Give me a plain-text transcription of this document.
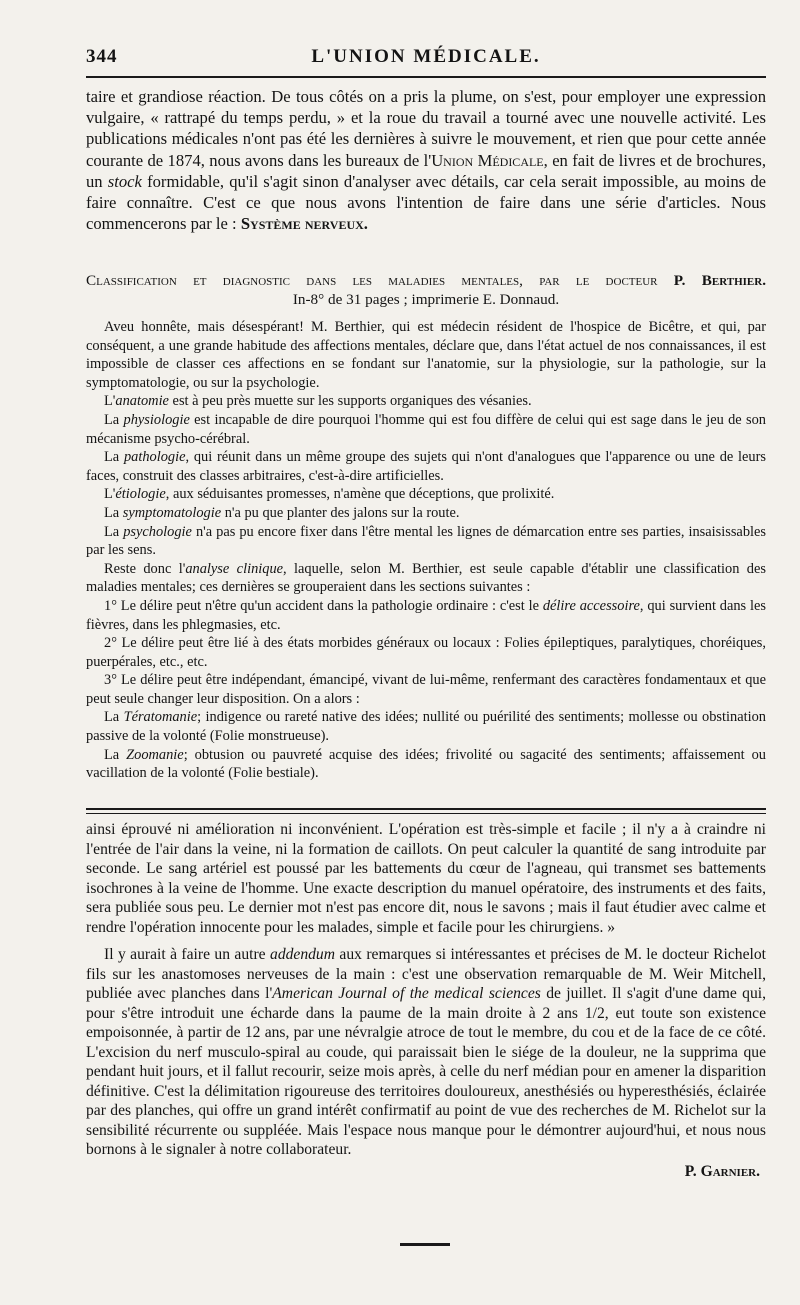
344	L'UNION MÉDICALE.

taire et grandiose réaction. De tous côtés on a pris la plume, on s'est, pour employer une expression vulgaire, « rattrapé du temps perdu, » et la roue du travail a tourné avec une nouvelle activité. Les publications médicales n'ont pas été les dernières à suivre le mouvement, et rien que pour cette année courante de 1874, nous avons dans les bureaux de l'Union Médicale, en fait de livres et de brochures, un stock formidable, qu'il s'agit sinon d'analyser avec détails, car cela serait impossible, au moins de faire connaître. C'est ce que nous avons l'intention de faire dans une série d'articles. Nous commencerons par le : Système nerveux.

Classification et diagnostic dans les maladies mentales, par le docteur P. Berthier.

In-8° de 31 pages ; imprimerie E. Donnaud.

Aveu honnête, mais désespérant! M. Berthier, qui est médecin résident de l'hospice de Bicêtre, et qui, par conséquent, a une grande habitude des affections mentales, déclare que, dans l'état actuel de nos connaissances, il est impossible de classer ces affections en se fondant sur l'anatomie, sur la physiologie, sur la pathologie, sur la symptomatologie, ou sur la psychologie.

L'anatomie est à peu près muette sur les supports organiques des vésanies.

La physiologie est incapable de dire pourquoi l'homme qui est fou diffère de celui qui est sage dans le jeu de son mécanisme psycho-cérébral.

La pathologie, qui réunit dans un même groupe des sujets qui n'ont d'analogues que l'apparence ou une de leurs faces, construit des classes arbitraires, c'est-à-dire artificielles.

L'étiologie, aux séduisantes promesses, n'amène que déceptions, que prolixité.

La symptomatologie n'a pu que planter des jalons sur la route.

La psychologie n'a pas pu encore fixer dans l'être mental les lignes de démarcation entre ses parties, insaisissables par les sens.

Reste donc l'analyse clinique, laquelle, selon M. Berthier, est seule capable d'établir une classification des maladies mentales; ces dernières se grouperaient dans les sections suivantes :

1° Le délire peut n'être qu'un accident dans la pathologie ordinaire : c'est le délire accessoire, qui survient dans les fièvres, dans les phlegmasies, etc.

2° Le délire peut être lié à des états morbides généraux ou locaux : Folies épileptiques, paralytiques, choréiques, puerpérales, etc., etc.

3° Le délire peut être indépendant, émancipé, vivant de lui-même, renfermant des caractères fondamentaux et que peut seule changer leur disposition. On a alors :

La Tératomanie; indigence ou rareté native des idées; nullité ou puérilité des sentiments; mollesse ou obstination passive de la volonté (Folie monstrueuse).

La Zoomanie; obtusion ou pauvreté acquise des idées; frivolité ou sagacité des sentiments; affaissement ou vacillation de la volonté (Folie bestiale).

ainsi éprouvé ni amélioration ni inconvénient. L'opération est très-simple et facile ; il n'y a à craindre ni l'entrée de l'air dans la veine, ni la formation de caillots. On peut calculer la quantité de sang introduite par seconde. Le sang artériel est poussé par les battements du cœur de l'agneau, qui transmet ses battements isochrones à la veine de l'homme. Une exacte description du manuel opératoire, des instruments et des faits, sera publiée sous peu. Le dernier mot n'est pas encore dit, nous le savons ; mais il faut étudier avec calme et rendre l'opération innocente pour les malades, simple et facile pour les chirurgiens. »

Il y aurait à faire un autre addendum aux remarques si intéressantes et précises de M. le docteur Richelot fils sur les anastomoses nerveuses de la main : c'est une observation remarquable de M. Weir Mitchell, publiée avec planches dans l'American Journal of the medical sciences de juillet. Il s'agit d'une dame qui, pour s'être introduit une écharde dans la paume de la main droite à 2 ans 1/2, eut toute son existence empoisonnée, à partir de 12 ans, par une névralgie atroce de tout le membre, du cou et de la face de ce côté. L'excision du nerf musculo-spiral au coude, qui paraissait bien le siége de la douleur, ne la supprima que pendant huit jours, et il fallut recourir, seize mois après, à celle du nerf médian pour en amener la disparition définitive. C'est la délimitation rigoureuse des territoires douloureux, anesthésiés ou hyperesthésiés, éclairée par des planches, qui offre un grand intérêt confirmatif au point de vue des recherches de M. Richelot sur la sensibilité récurrente ou suppléée. Mais l'espace nous manque pour le démontrer aujourd'hui, et nous nous bornons à le signaler à notre collaborateur.

P. Garnier.
